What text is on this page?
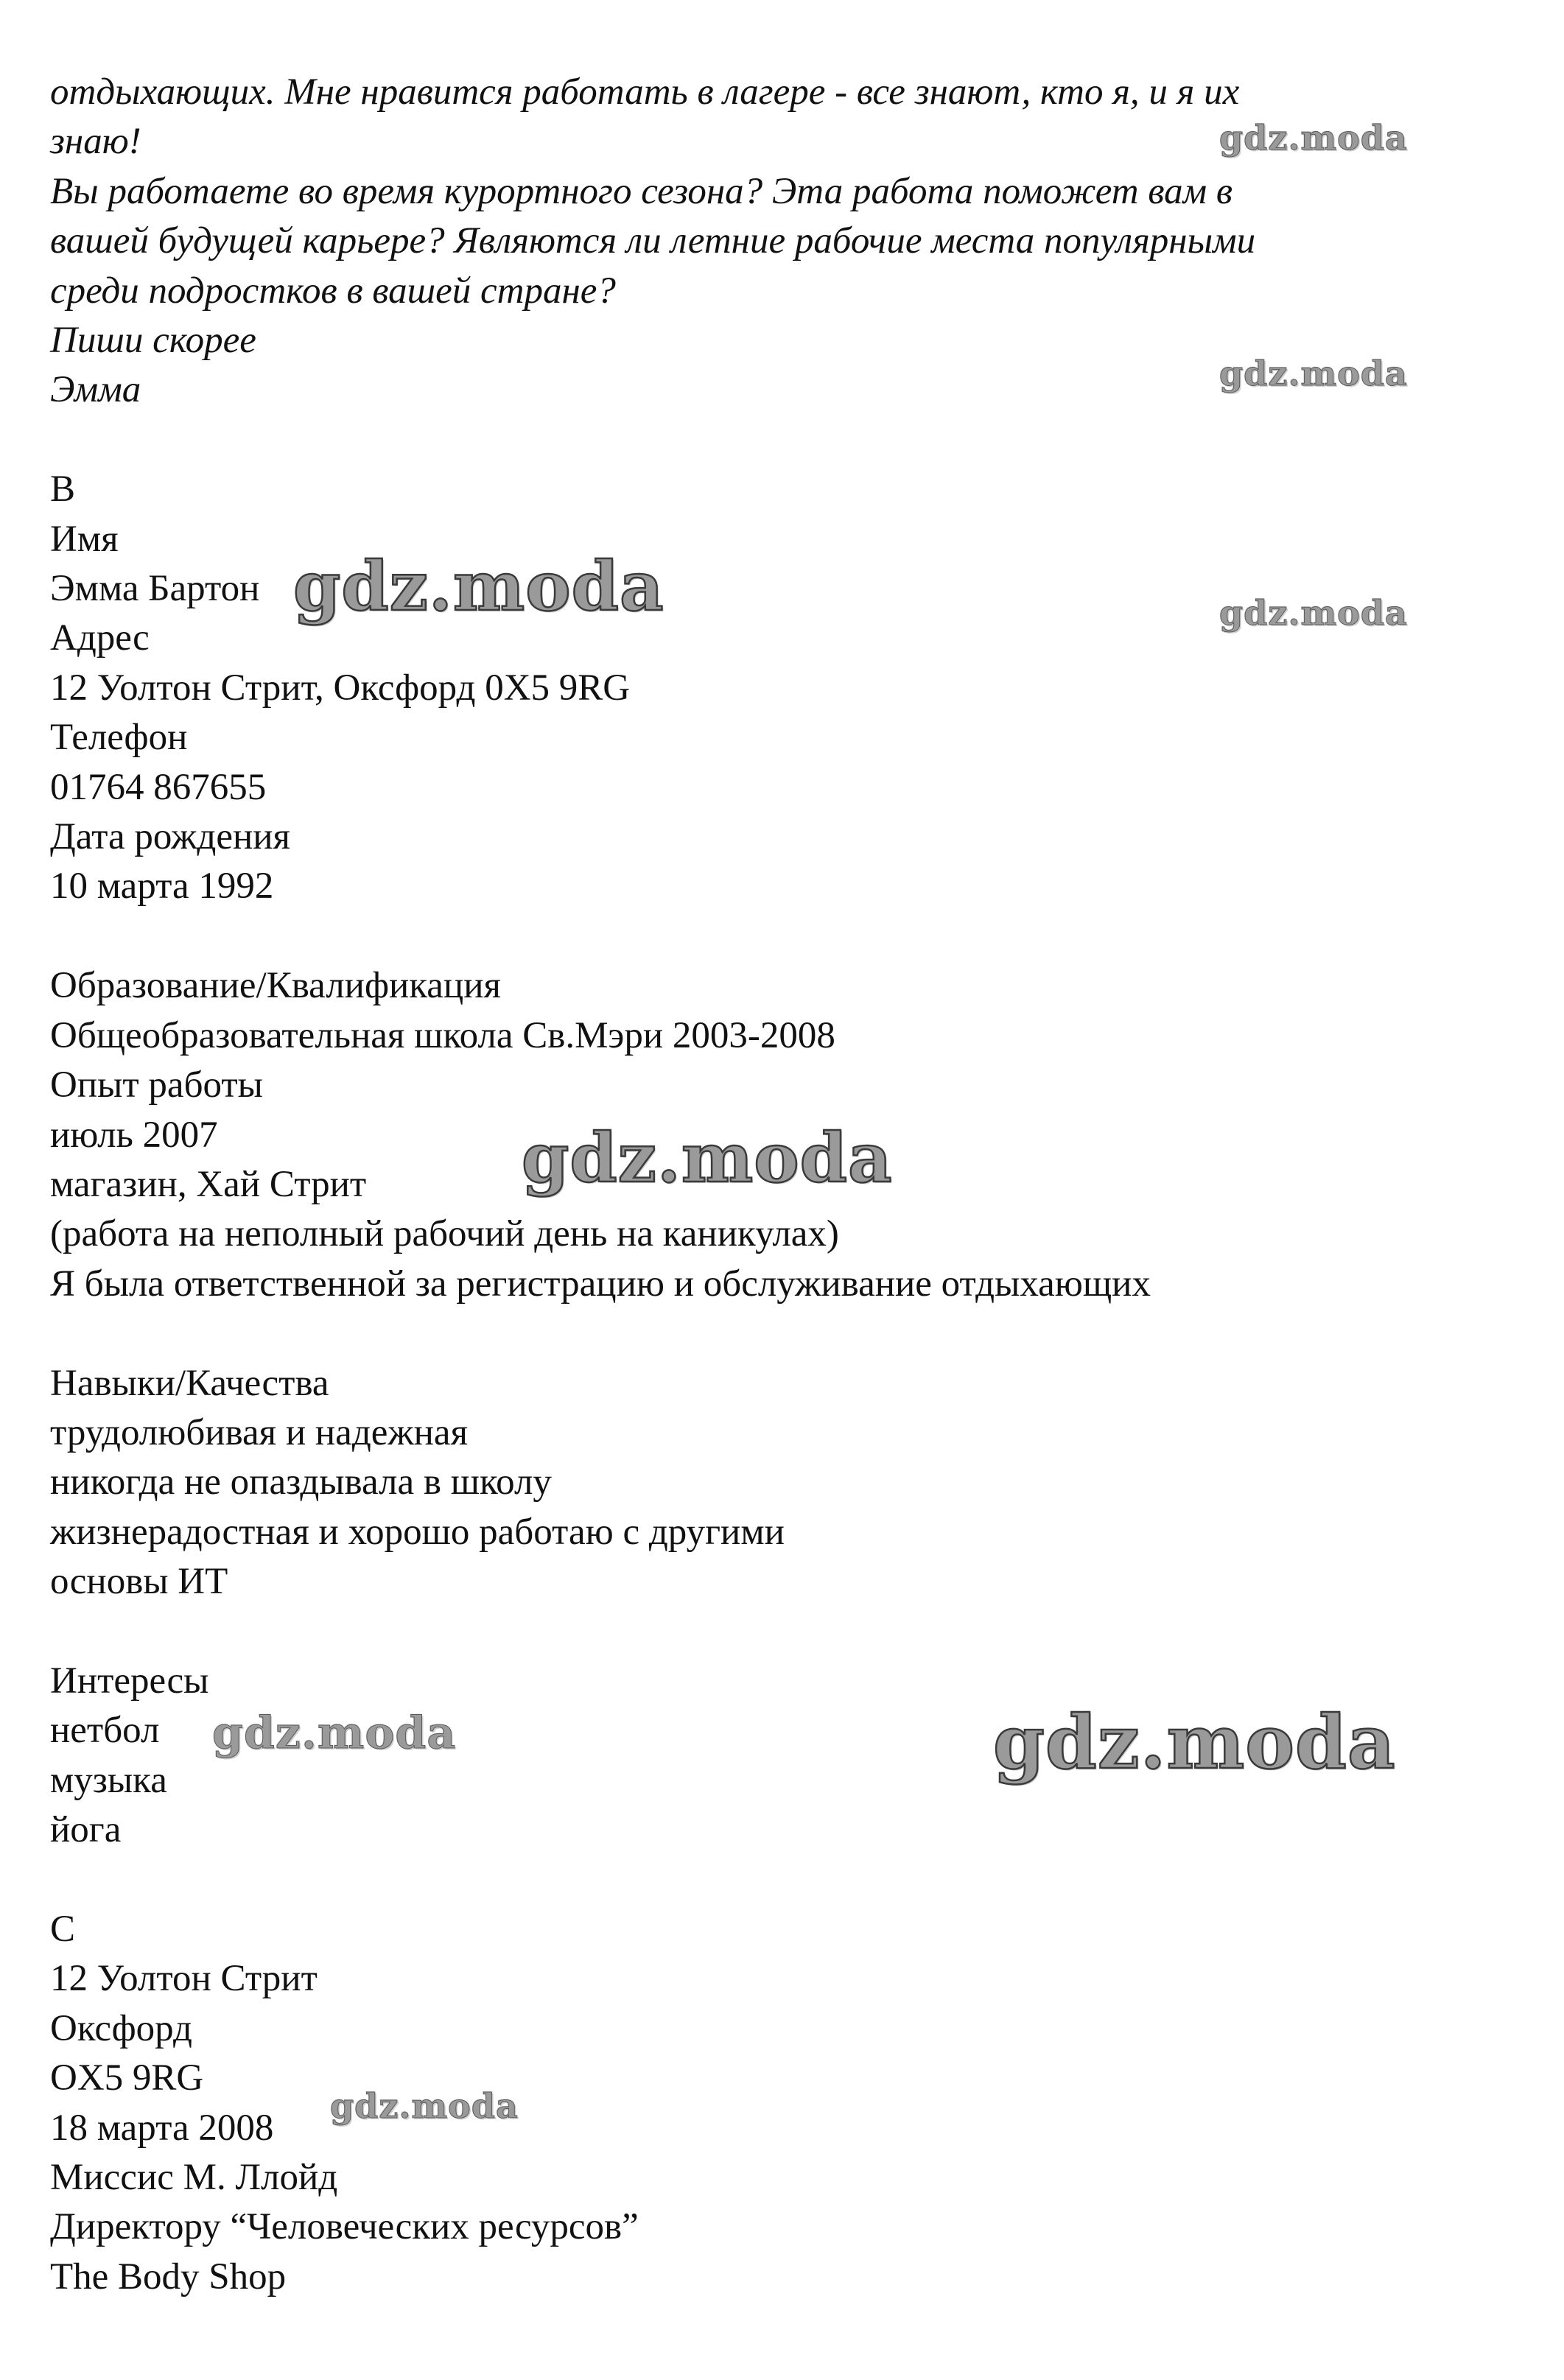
отдыхающих. Мне нравится работать в лагере - все знают, кто я, и я их
знаю!
Вы работаете во время курортного сезона? Эта работа поможет вам в
вашей будущей карьере? Являются ли летние рабочие места популярными
среди подростков в вашей стране?
Пиши скорее
Эмма
B
Имя
Эмма Бартон
Адрес
12 Уолтон Стрит, Оксфорд 0X5 9RG
Телефон
01764 867655
Дата рождения
10 марта 1992
Образование/Квалификация
Общеобразовательная школа Св.Мэри 2003-2008
Опыт работы
июль 2007
магазин, Хай Стрит
(работа на неполный рабочий день на каникулах)
Я была ответственной за регистрацию и обслуживание отдыхающих
Навыки/Качества
трудолюбивая и надежная
никогда не опаздывала в школу
жизнерадостная и хорошо работаю с другими
основы ИТ
Интересы
нетбол
музыка
йога
C
12 Уолтон Стрит
Оксфорд
OX5 9RG
18 марта 2008
Миссис М. Ллойд
Директору “Человеческих ресурсов”
The Body Shop
gdz.moda
gdz.moda
gdz.moda
gdz.moda
gdz.moda
gdz.moda	gdz.moda
gdz.moda
